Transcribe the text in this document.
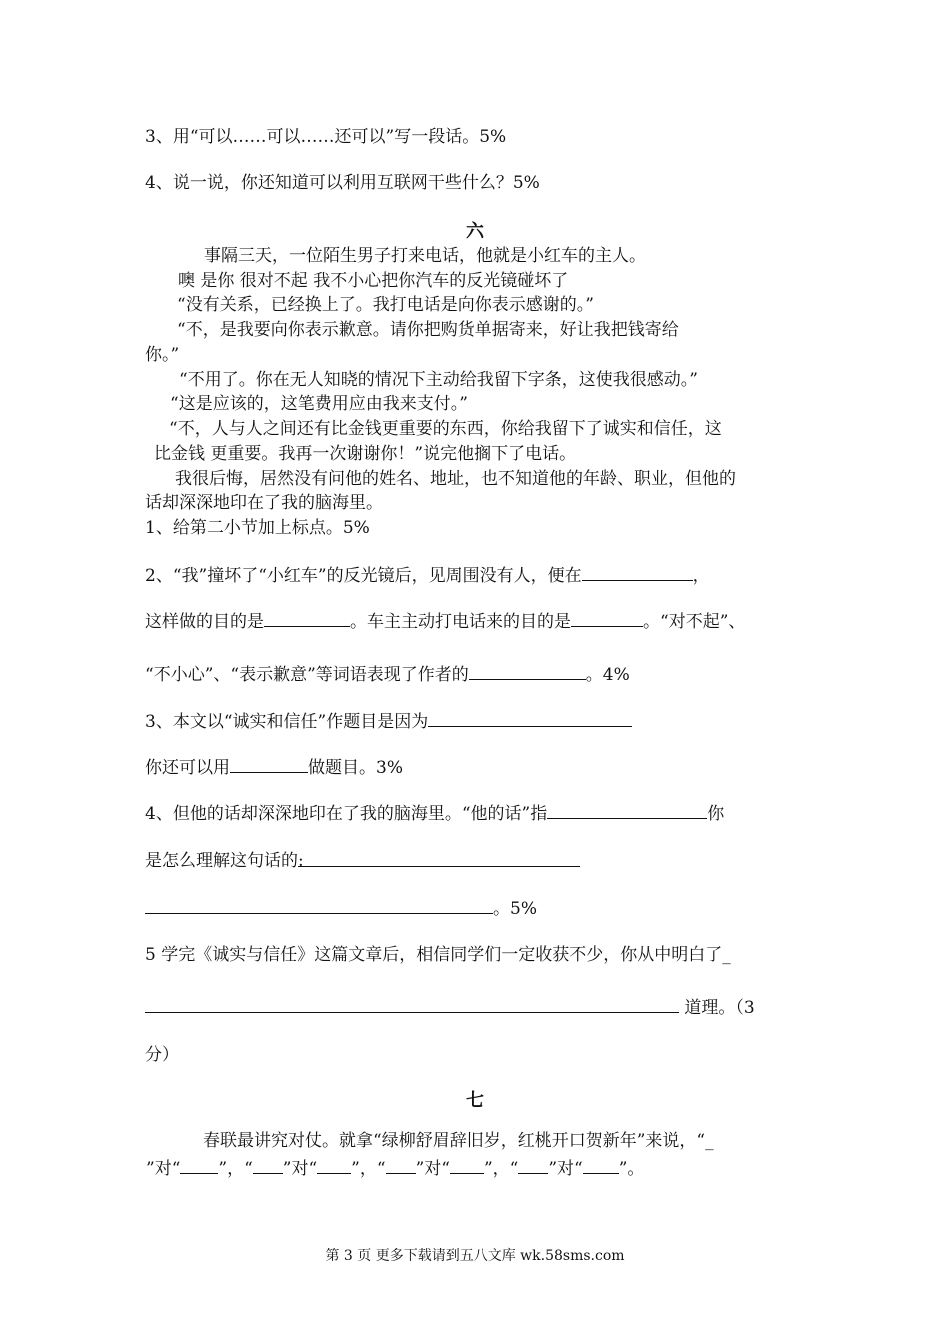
3、用“可以……可以……还可以”写一段话。5%
4、说一说，你还知道可以利用互联网干些什么？5%
六
事隔三天，一位陌生男子打来电话，他就是小红车的主人。
噢 是你 很对不起 我不小心把你汽车的反光镜碰坏了
“没有关系，已经换上了。我打电话是向你表示感谢的。”
“不，是我要向你表示歉意。请你把购货单据寄来，好让我把钱寄给
你。”
“不用了。你在无人知晓的情况下主动给我留下字条，这使我很感动。”
“这是应该的，这笔费用应由我来支付。”
“不，人与人之间还有比金钱更重要的东西，你给我留下了诚实和信任，这
比金钱 更重要。我再一次谢谢你！”说完他搁下了电话。
我很后悔，居然没有问他的姓名、地址，也不知道他的年龄、职业，但他的
话却深深地印在了我的脑海里。
1、给第二小节加上标点。5%
2、“我”撞坏了“小红车”的反光镜后，见周围没有人，便在	，
这样做的目的是	。车主主动打电话来的目的是	。“对不起”、
“不小心”、“表示歉意”等词语表现了作者的	。4%
3、本文以“诚实和信任”作题目是因为
你还可以用	做题目。3%
4、但他的话却深深地印在了我的脑海里。“他的话”指	你
是怎么理解这句话的:
。5%
5 学完《诚实与信任》这篇文章后，相信同学们一定收获不少，你从中明白了_
道理。（3
分）
七
春联最讲究对仗。就拿“绿柳舒眉辞旧岁，红桃开口贺新年”来说，“_
”对“ ”，“ ”对“ ”，“ ”对“ ”，“ ”对“ ”。
第 3 页 更多下载请到五八文库 wk.58sms.com
